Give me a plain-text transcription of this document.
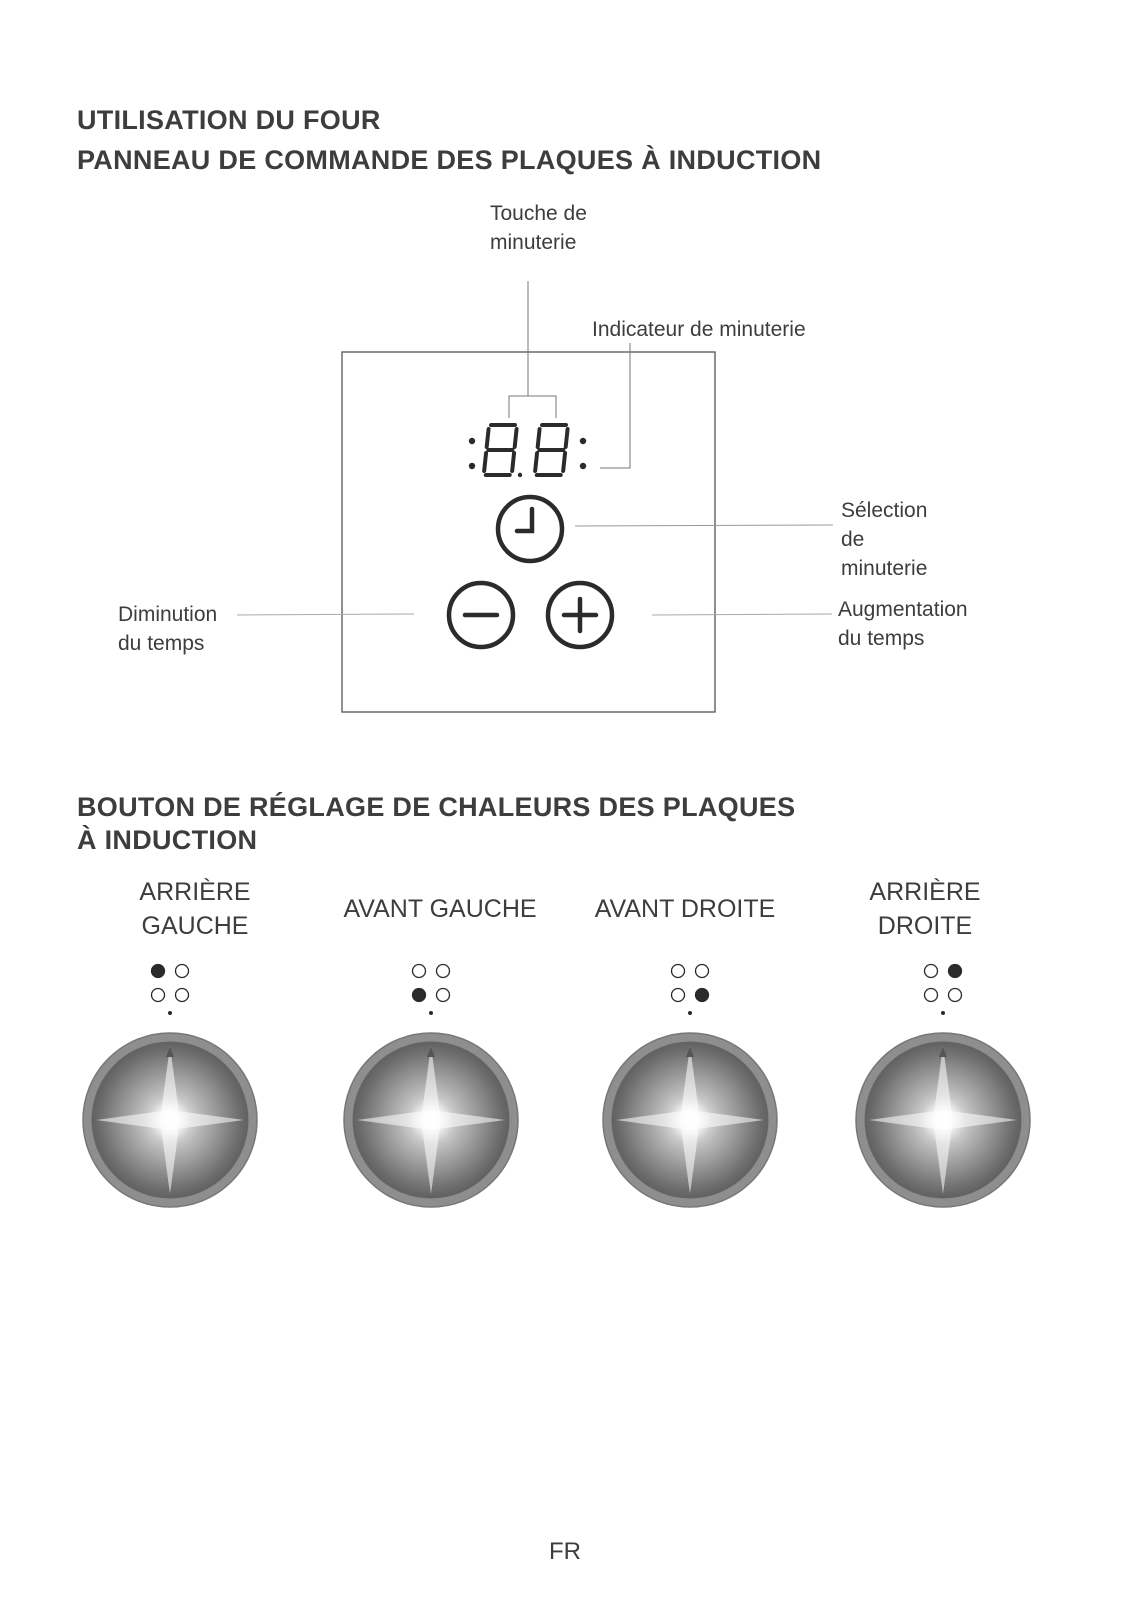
UTILISATION DU FOUR
PANNEAU DE COMMANDE DES PLAQUES À INDUCTION
Touche de
minuterie
Indicateur de minuterie
Sélection
de
minuterie
Diminution
du temps
Augmentation
du temps
BOUTON DE RÉGLAGE DE CHALEURS DES PLAQUES
À INDUCTION
ARRIÈRE
GAUCHE
AVANT GAUCHE	AVANT DROITE
ARRIÈRE
DROITE
FR
